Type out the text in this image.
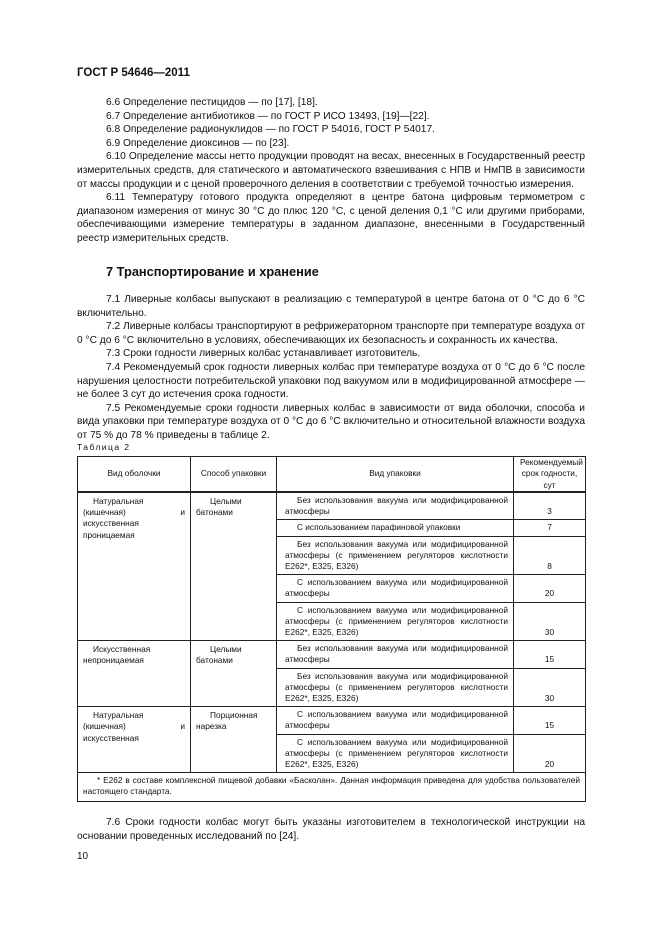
ГОСТ Р 54646—2011

6.6 Определение пестицидов — по [17], [18].

6.7 Определение антибиотиков — по ГОСТ Р ИСО 13493, [19]—[22].

6.8 Определение радионуклидов — по ГОСТ Р 54016, ГОСТ Р 54017.

6.9 Определение диоксинов — по [23].

6.10 Определение массы нетто продукции проводят на весах, внесенных в Государственный реестр измерительных средств, для статического и автоматического взвешивания с НПВ и НмПВ в зависимости от массы продукции и с ценой проверочного деления в соответствии с требуемой точностью измерения.

6.11 Температуру готового продукта определяют в центре батона цифровым термометром с диапазоном измерения от минус 30 °С до плюс 120 °С, с ценой деления 0,1 °С или другими приборами, обеспечивающими измерение температуры в заданном диапазоне, внесенными в Государственный реестр измерительных средств.

7 Транспортирование и хранение

7.1 Ливерные колбасы выпускают в реализацию с температурой в центре батона от 0 °С до 6 °С включительно.

7.2 Ливерные колбасы транспортируют в рефрижераторном транспорте при температуре воздуха от 0 °С до 6 °С включительно в условиях, обеспечивающих их безопасность и сохранность их качества.

7.3 Сроки годности ливерных колбас устанавливает изготовитель.

7.4 Рекомендуемый срок годности ливерных колбас при температуре воздуха от 0 °С до 6 °С после нарушения целостности потребительской упаковки под вакуумом или в модифицированной атмосфере — не более 3 сут до истечения срока годности.

7.5 Рекомендуемые сроки годности ливерных колбас в зависимости от вида оболочки, способа и вида упаковки при температуре воздуха от 0 °С до 6 °С включительно и относительной влажности воздуха от 75 % до 78 % приведены в таблице 2.

Таблица 2

Вид оболочки	Способ упаковки	Вид упаковки	Рекомендуемый срок годности, сут
Натуральная (кишечная) и искусственная проницаемая	Целыми батонами	Без использования вакуума или модифицированной атмосферы	3
		С использованием парафиновой упаковки	7
		Без использования вакуума или модифицированной атмосферы (с применением регуляторов кислотности Е262*, Е325, Е326)	8
		С использованием вакуума или модифицированной атмосферы	20
		С использованием вакуума или модифицированной атмосферы (с применением регуляторов кислотности Е262*, Е325, Е326)	30
Искусственная непроницаемая	Целыми батонами	Без использования вакуума или модифицированной атмосферы	15
		Без использования вакуума или модифицированной атмосферы (с применением регуляторов кислотности Е262*, Е325, Е326)	30
Натуральная (кишечная) и искусственная	Порционная нарезка	С использованием вакуума или модифицированной атмосферы	15
		С использованием вакуума или модифицированной атмосферы (с применением регуляторов кислотности Е262*, Е325, Е326)	20
* Е262 в составе комплексной пищевой добавки «Басколан». Данная информация приведена для удобства пользователей настоящего стандарта.			

7.6 Сроки годности колбас могут быть указаны изготовителем в технологической инструкции на основании проведенных исследований по [24].

10
